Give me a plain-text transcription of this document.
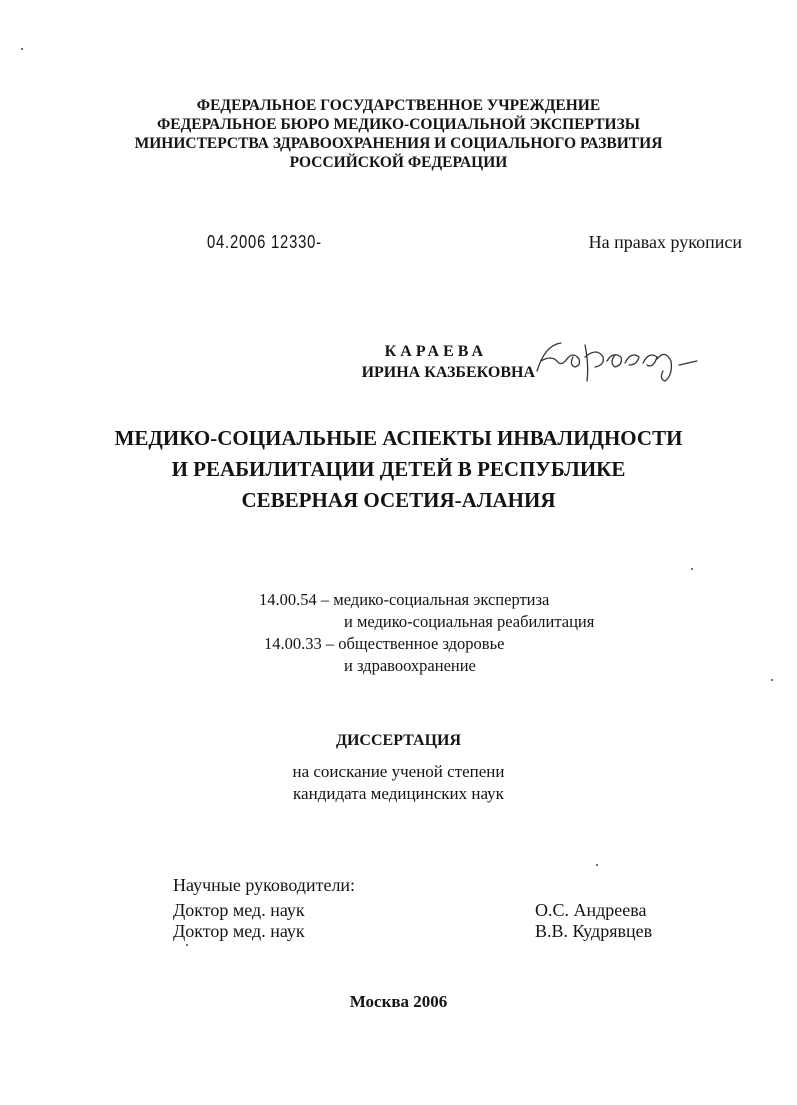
ФЕДЕРАЛЬНОЕ ГОСУДАРСТВЕННОЕ УЧРЕЖДЕНИЕ
ФЕДЕРАЛЬНОЕ БЮРО МЕДИКО-СОЦИАЛЬНОЙ ЭКСПЕРТИЗЫ
МИНИСТЕРСТВА ЗДРАВООХРАНЕНИЯ И СОЦИАЛЬНОГО РАЗВИТИЯ
РОССИЙСКОЙ ФЕДЕРАЦИИ
04.2006 12330-	На правах рукописи
КАРАЕВА
ИРИНА КАЗБЕКОВНА
МЕДИКО-СОЦИАЛЬНЫЕ АСПЕКТЫ ИНВАЛИДНОСТИ
И РЕАБИЛИТАЦИИ ДЕТЕЙ В РЕСПУБЛИКЕ
СЕВЕРНАЯ ОСЕТИЯ-АЛАНИЯ
14.00.54 – медико-социальная экспертиза
и медико-социальная реабилитация
14.00.33 – общественное здоровье
и здравоохранение
ДИССЕРТАЦИЯ
на соискание ученой степени
кандидата медицинских наук
Научные руководители:
Доктор мед. наук	О.С. Андреева
Доктор мед. наук	В.В. Кудрявцев
Москва 2006
